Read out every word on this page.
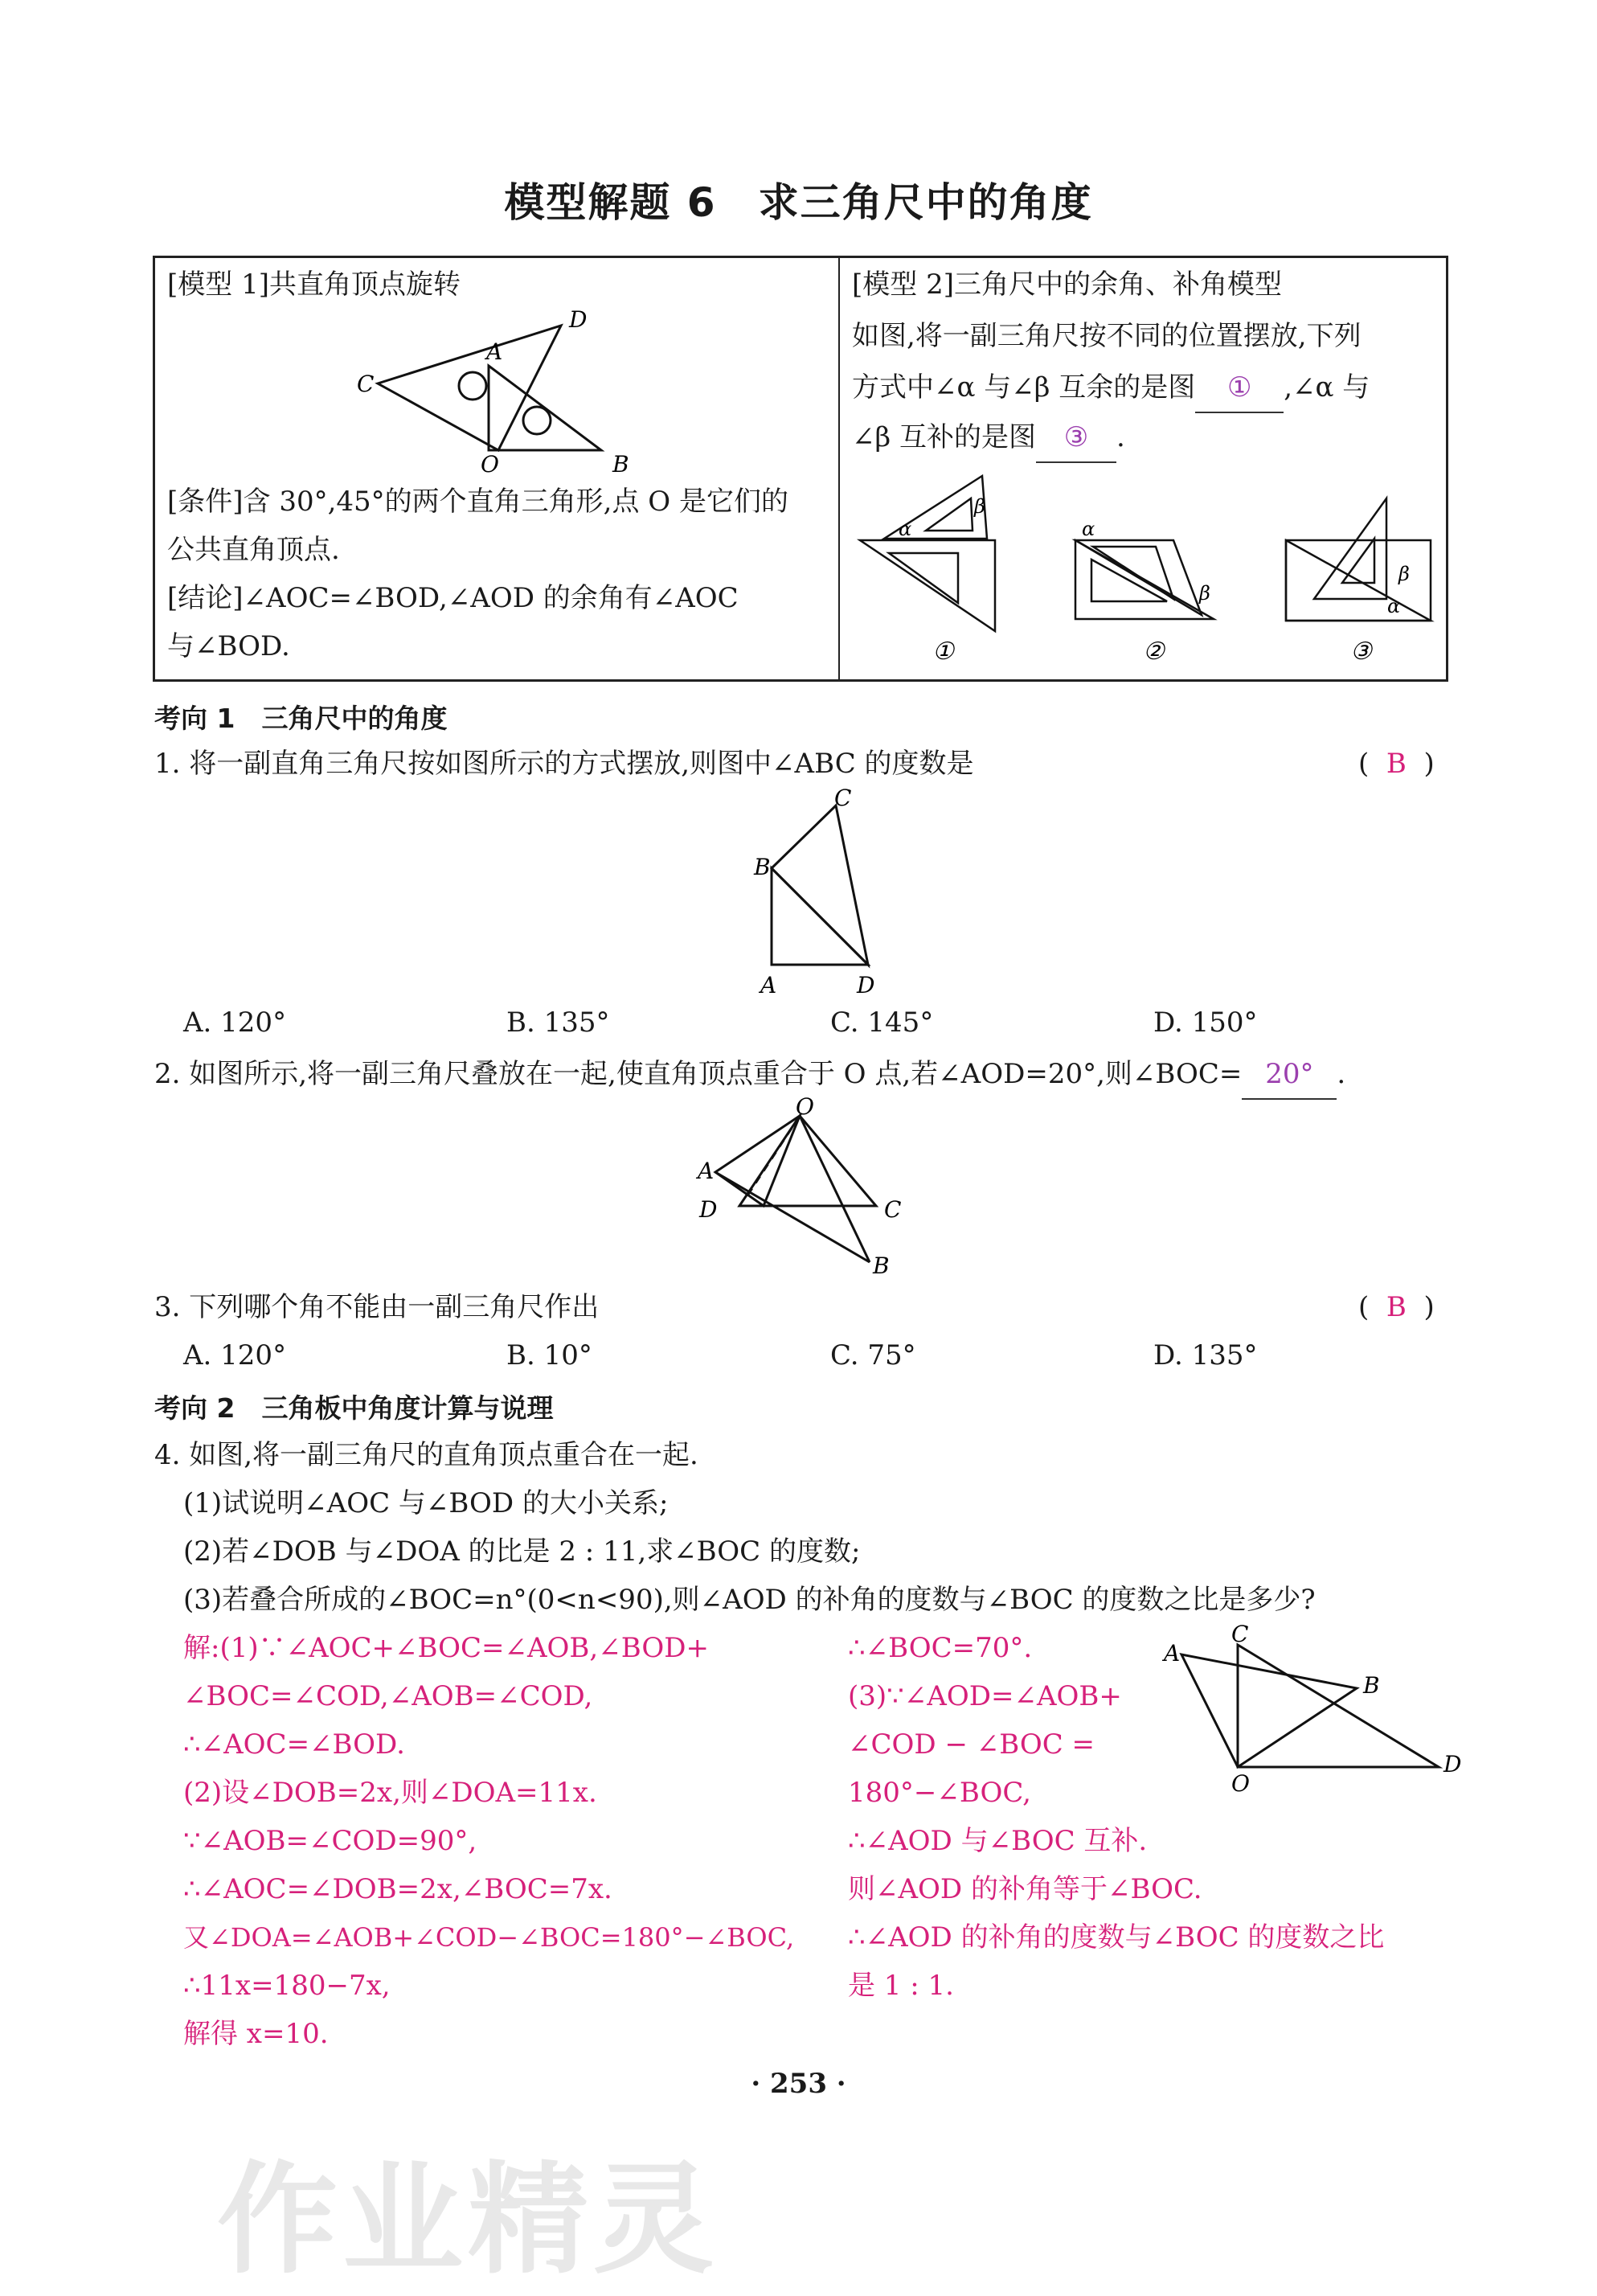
模型解题 6　求三角尺中的角度
[模型 1]共直角顶点旋转
D
A
C
O	B
[条件]含 30°,45°的两个直角三角形,点 O 是它们的
公共直角顶点.
[结论]∠AOC=∠BOD,∠AOD 的余角有∠AOC
与∠BOD.
[模型 2]三角尺中的余角、补角模型
如图,将一副三角尺按不同的位置摆放,下列
方式中∠α 与∠β 互余的是图 ① ,∠α 与
∠β 互补的是图 ③ .
α
β
α
β
β
α
①	②	③
考向 1　三角尺中的角度
1. 将一副直角三角尺按如图所示的方式摆放,则图中∠ABC 的度数是	( B )
C
B
A	D
A. 120°	B. 135°	C. 145°	D. 150°
2. 如图所示,将一副三角尺叠放在一起,使直角顶点重合于 O 点,若∠AOD=20°,则∠BOC= 20° .
O
A
D	C
B
3. 下列哪个角不能由一副三角尺作出	( B )
A. 120°	B. 10°	C. 75°	D. 135°
考向 2　三角板中角度计算与说理
4. 如图,将一副三角尺的直角顶点重合在一起.
(1)试说明∠AOC 与∠BOD 的大小关系;
(2)若∠DOB 与∠DOA 的比是 2 : 11,求∠BOC 的度数;
(3)若叠合所成的∠BOC=n°(0<n<90),则∠AOD 的补角的度数与∠BOC 的度数之比是多少?
解:(1)∵∠AOC+∠BOC=∠AOB,∠BOD+
∠BOC=∠COD,∠AOB=∠COD,
∴∠AOC=∠BOD.
(2)设∠DOB=2x,则∠DOA=11x.
∵∠AOB=∠COD=90°,
∴∠AOC=∠DOB=2x,∠BOC=7x.
又∠DOA=∠AOB+∠COD−∠BOC=180°−∠BOC,
∴11x=180−7x,
解得 x=10.
∴∠BOC=70°.
(3)∵∠AOD=∠AOB+
∠COD − ∠BOC =
180°−∠BOC,
∴∠AOD 与∠BOC 互补.
则∠AOD 的补角等于∠BOC.
∴∠AOD 的补角的度数与∠BOC 的度数之比
是 1 : 1.
A
C
B
O
D
· 253 ·
作业精灵
